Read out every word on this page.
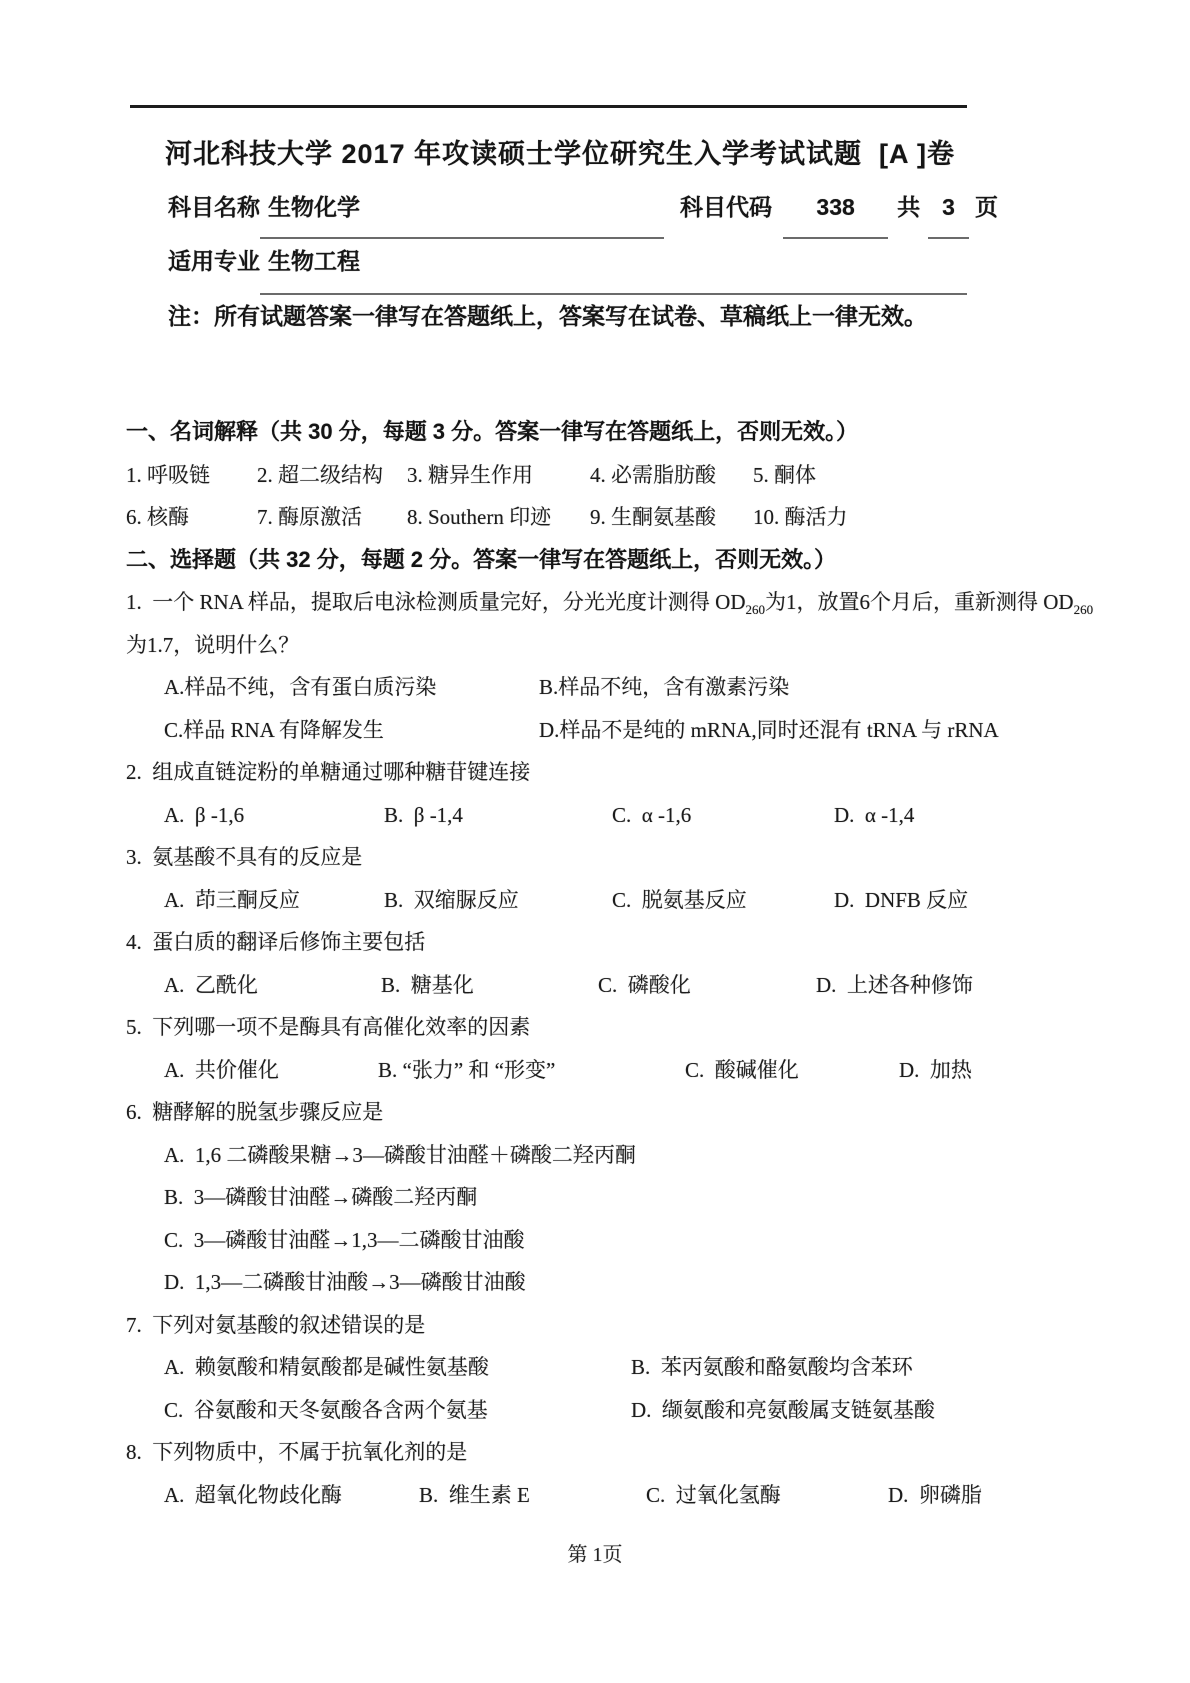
河北科技大学 2017 年攻读硕士学位研究生入学考试试题  [A ]卷
科目名称 生物化学	科目代码	338	共 3 页
适用专业 生物工程
注：所有试题答案一律写在答题纸上，答案写在试卷、草稿纸上一律无效。
一、名词解释（共 30 分，每题 3 分。答案一律写在答题纸上，否则无效。）
1. 呼吸链	2. 超二级结构	3. 糖异生作用	4. 必需脂肪酸	5. 酮体
6. 核酶	7. 酶原激活	8. Southern 印迹	9. 生酮氨基酸	10. 酶活力
二、选择题（共 32 分，每题 2 分。答案一律写在答题纸上，否则无效。）
1.  一个 RNA 样品，提取后电泳检测质量完好，分光光度计测得 $OD_{260}$为1，放置6个月后，重新测得 $OD_{260}$
为1.7，说明什么？
A.样品不纯，含有蛋白质污染	B.样品不纯，含有激素污染
C.样品 RNA 有降解发生	D.样品不是纯的 mRNA,同时还混有 tRNA 与 rRNA
2.  组成直链淀粉的单糖通过哪种糖苷键连接
A.  β -1,6	B.  β -1,4	C.  α -1,6	D.  α -1,4
3.  氨基酸不具有的反应是
A.  茚三酮反应	B.  双缩脲反应	C.  脱氨基反应	D.  DNFB 反应
4.  蛋白质的翻译后修饰主要包括
A.  乙酰化	B.  糖基化	C.  磷酸化	D.  上述各种修饰
5.  下列哪一项不是酶具有高催化效率的因素
A.  共价催化	B. “张力” 和 “形变”	C.  酸碱催化	D.  加热
6.  糖酵解的脱氢步骤反应是
A.  1,6 二磷酸果糖→3—磷酸甘油醛＋磷酸二羟丙酮
B.  3—磷酸甘油醛→磷酸二羟丙酮
C.  3—磷酸甘油醛→1,3—二磷酸甘油酸
D.  1,3—二磷酸甘油酸→3—磷酸甘油酸
7.  下列对氨基酸的叙述错误的是
A.  赖氨酸和精氨酸都是碱性氨基酸	B.  苯丙氨酸和酪氨酸均含苯环
C.  谷氨酸和天冬氨酸各含两个氨基	D.  缬氨酸和亮氨酸属支链氨基酸
8.  下列物质中，不属于抗氧化剂的是
A.  超氧化物歧化酶	B.  维生素 E	C.  过氧化氢酶	D.  卵磷脂
第 1页
